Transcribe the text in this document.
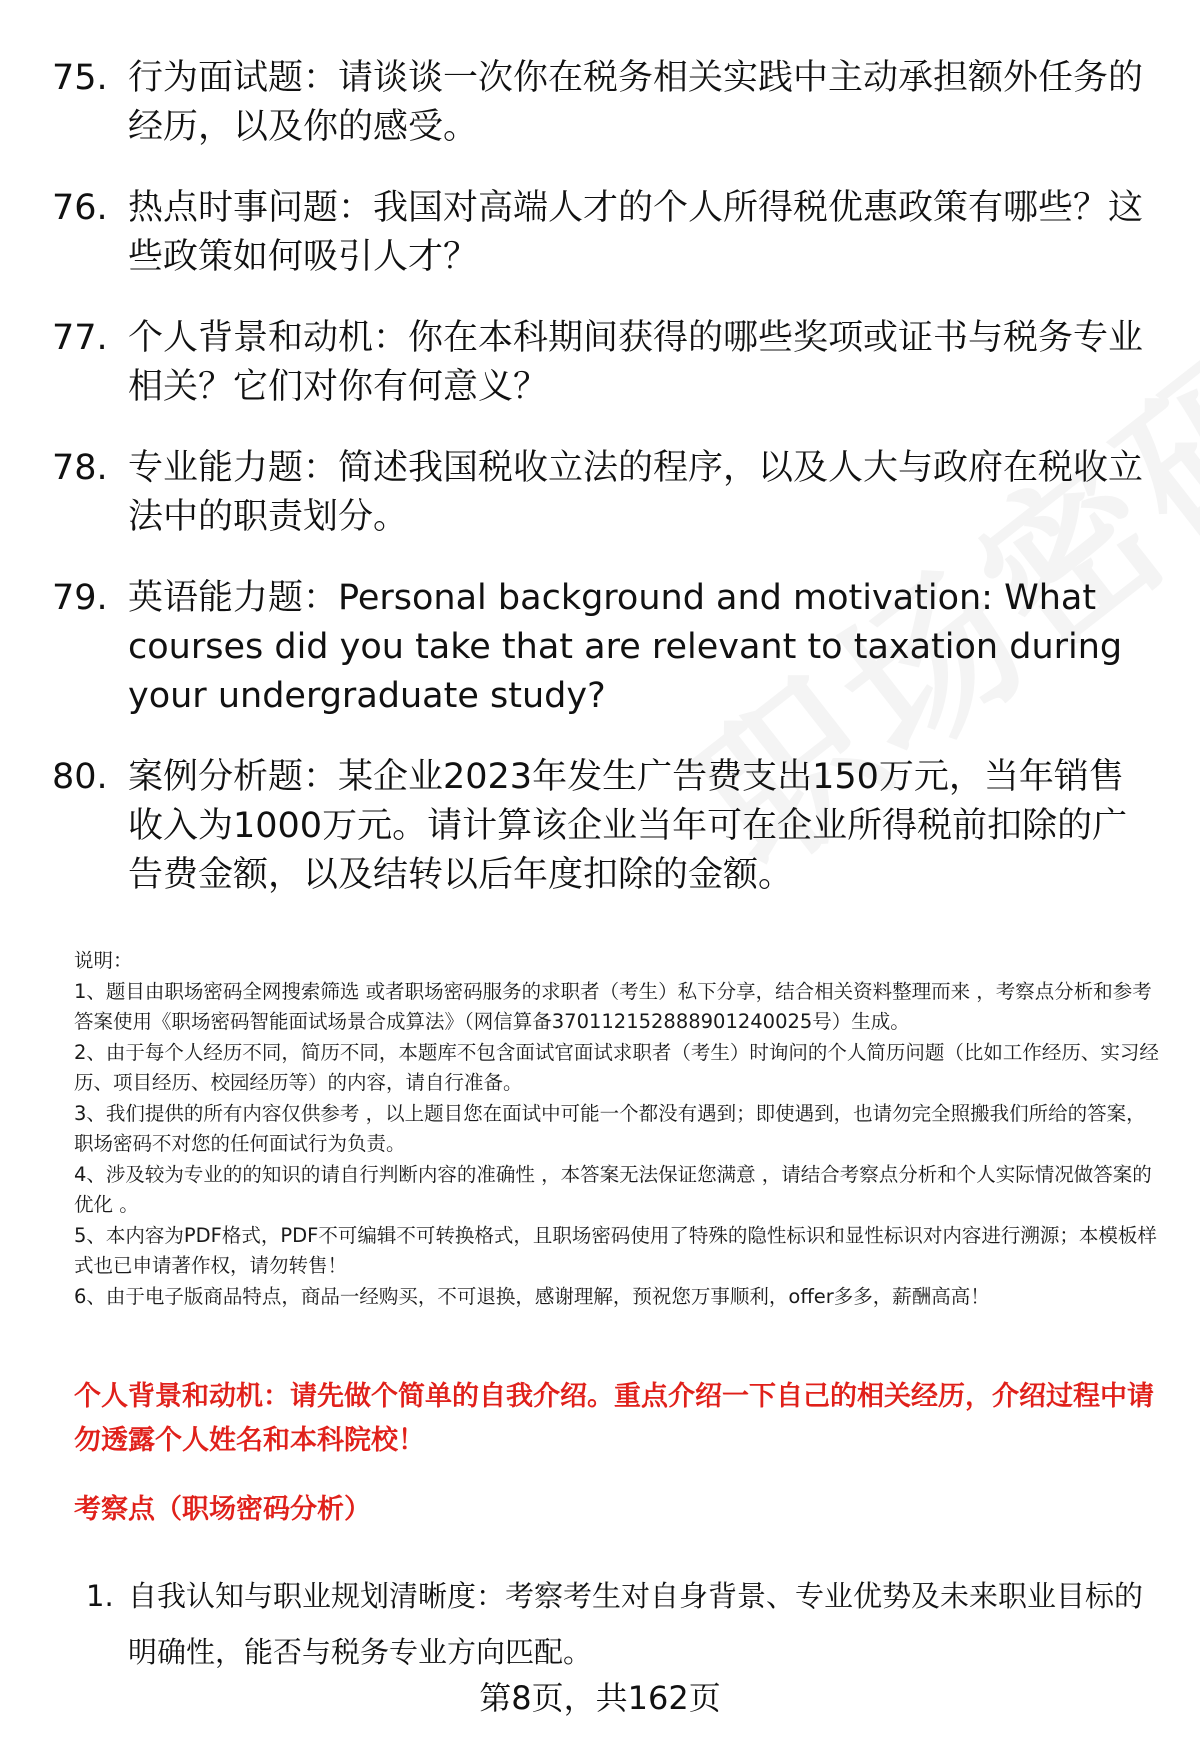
75. 行为面试题：请谈谈一次你在税务相关实践中主动承担额外任务的经历，以及你的感受。
76. 热点时事问题：我国对高端人才的个人所得税优惠政策有哪些？这些政策如何吸引人才？
77. 个人背景和动机：你在本科期间获得的哪些奖项或证书与税务专业相关？它们对你有何意义？
78. 专业能力题：简述我国税收立法的程序，以及人大与政府在税收立法中的职责划分。
79. 英语能力题：Personal background and motivation: What courses did you take that are relevant to taxation during your undergraduate study?
80. 案例分析题：某企业2023年发生广告费支出150万元，当年销售收入为1000万元。请计算该企业当年可在企业所得税前扣除的广告费金额，以及结转以后年度扣除的金额。

说明：

1、题目由职场密码全网搜索筛选 或者职场密码服务的求职者（考生）私下分享，结合相关资料整理而来 ，考察点分析和参考答案使用《职场密码智能面试场景合成算法》（网信算备370112152888901240025号）生成。

2、由于每个人经历不同，简历不同，本题库不包含面试官面试求职者（考生）时询问的个人简历问题（比如工作经历、实习经历、项目经历、校园经历等）的内容，请自行准备。

3、我们提供的所有内容仅供参考 ，以上题目您在面试中可能一个都没有遇到；即使遇到，也请勿完全照搬我们所给的答案，职场密码不对您的任何面试行为负责。

4、涉及较为专业的的知识的请自行判断内容的准确性 ，本答案无法保证您满意 ，请结合考察点分析和个人实际情况做答案的优化 。

5、本内容为PDF格式，PDF不可编辑不可转换格式，且职场密码使用了特殊的隐性标识和显性标识对内容进行溯源；本模板样式也已申请著作权，请勿转售！

6、由于电子版商品特点，商品一经购买，不可退换，感谢理解，预祝您万事顺利，offer多多，薪酬高高！

个人背景和动机：请先做个简单的自我介绍。重点介绍一下自己的相关经历，介绍过程中请勿透露个人姓名和本科院校！
考察点（职场密码分析）
1. 自我认知与职业规划清晰度：考察考生对自身背景、专业优势及未来职业目标的明确性，能否与税务专业方向匹配。
第8页，共162页
